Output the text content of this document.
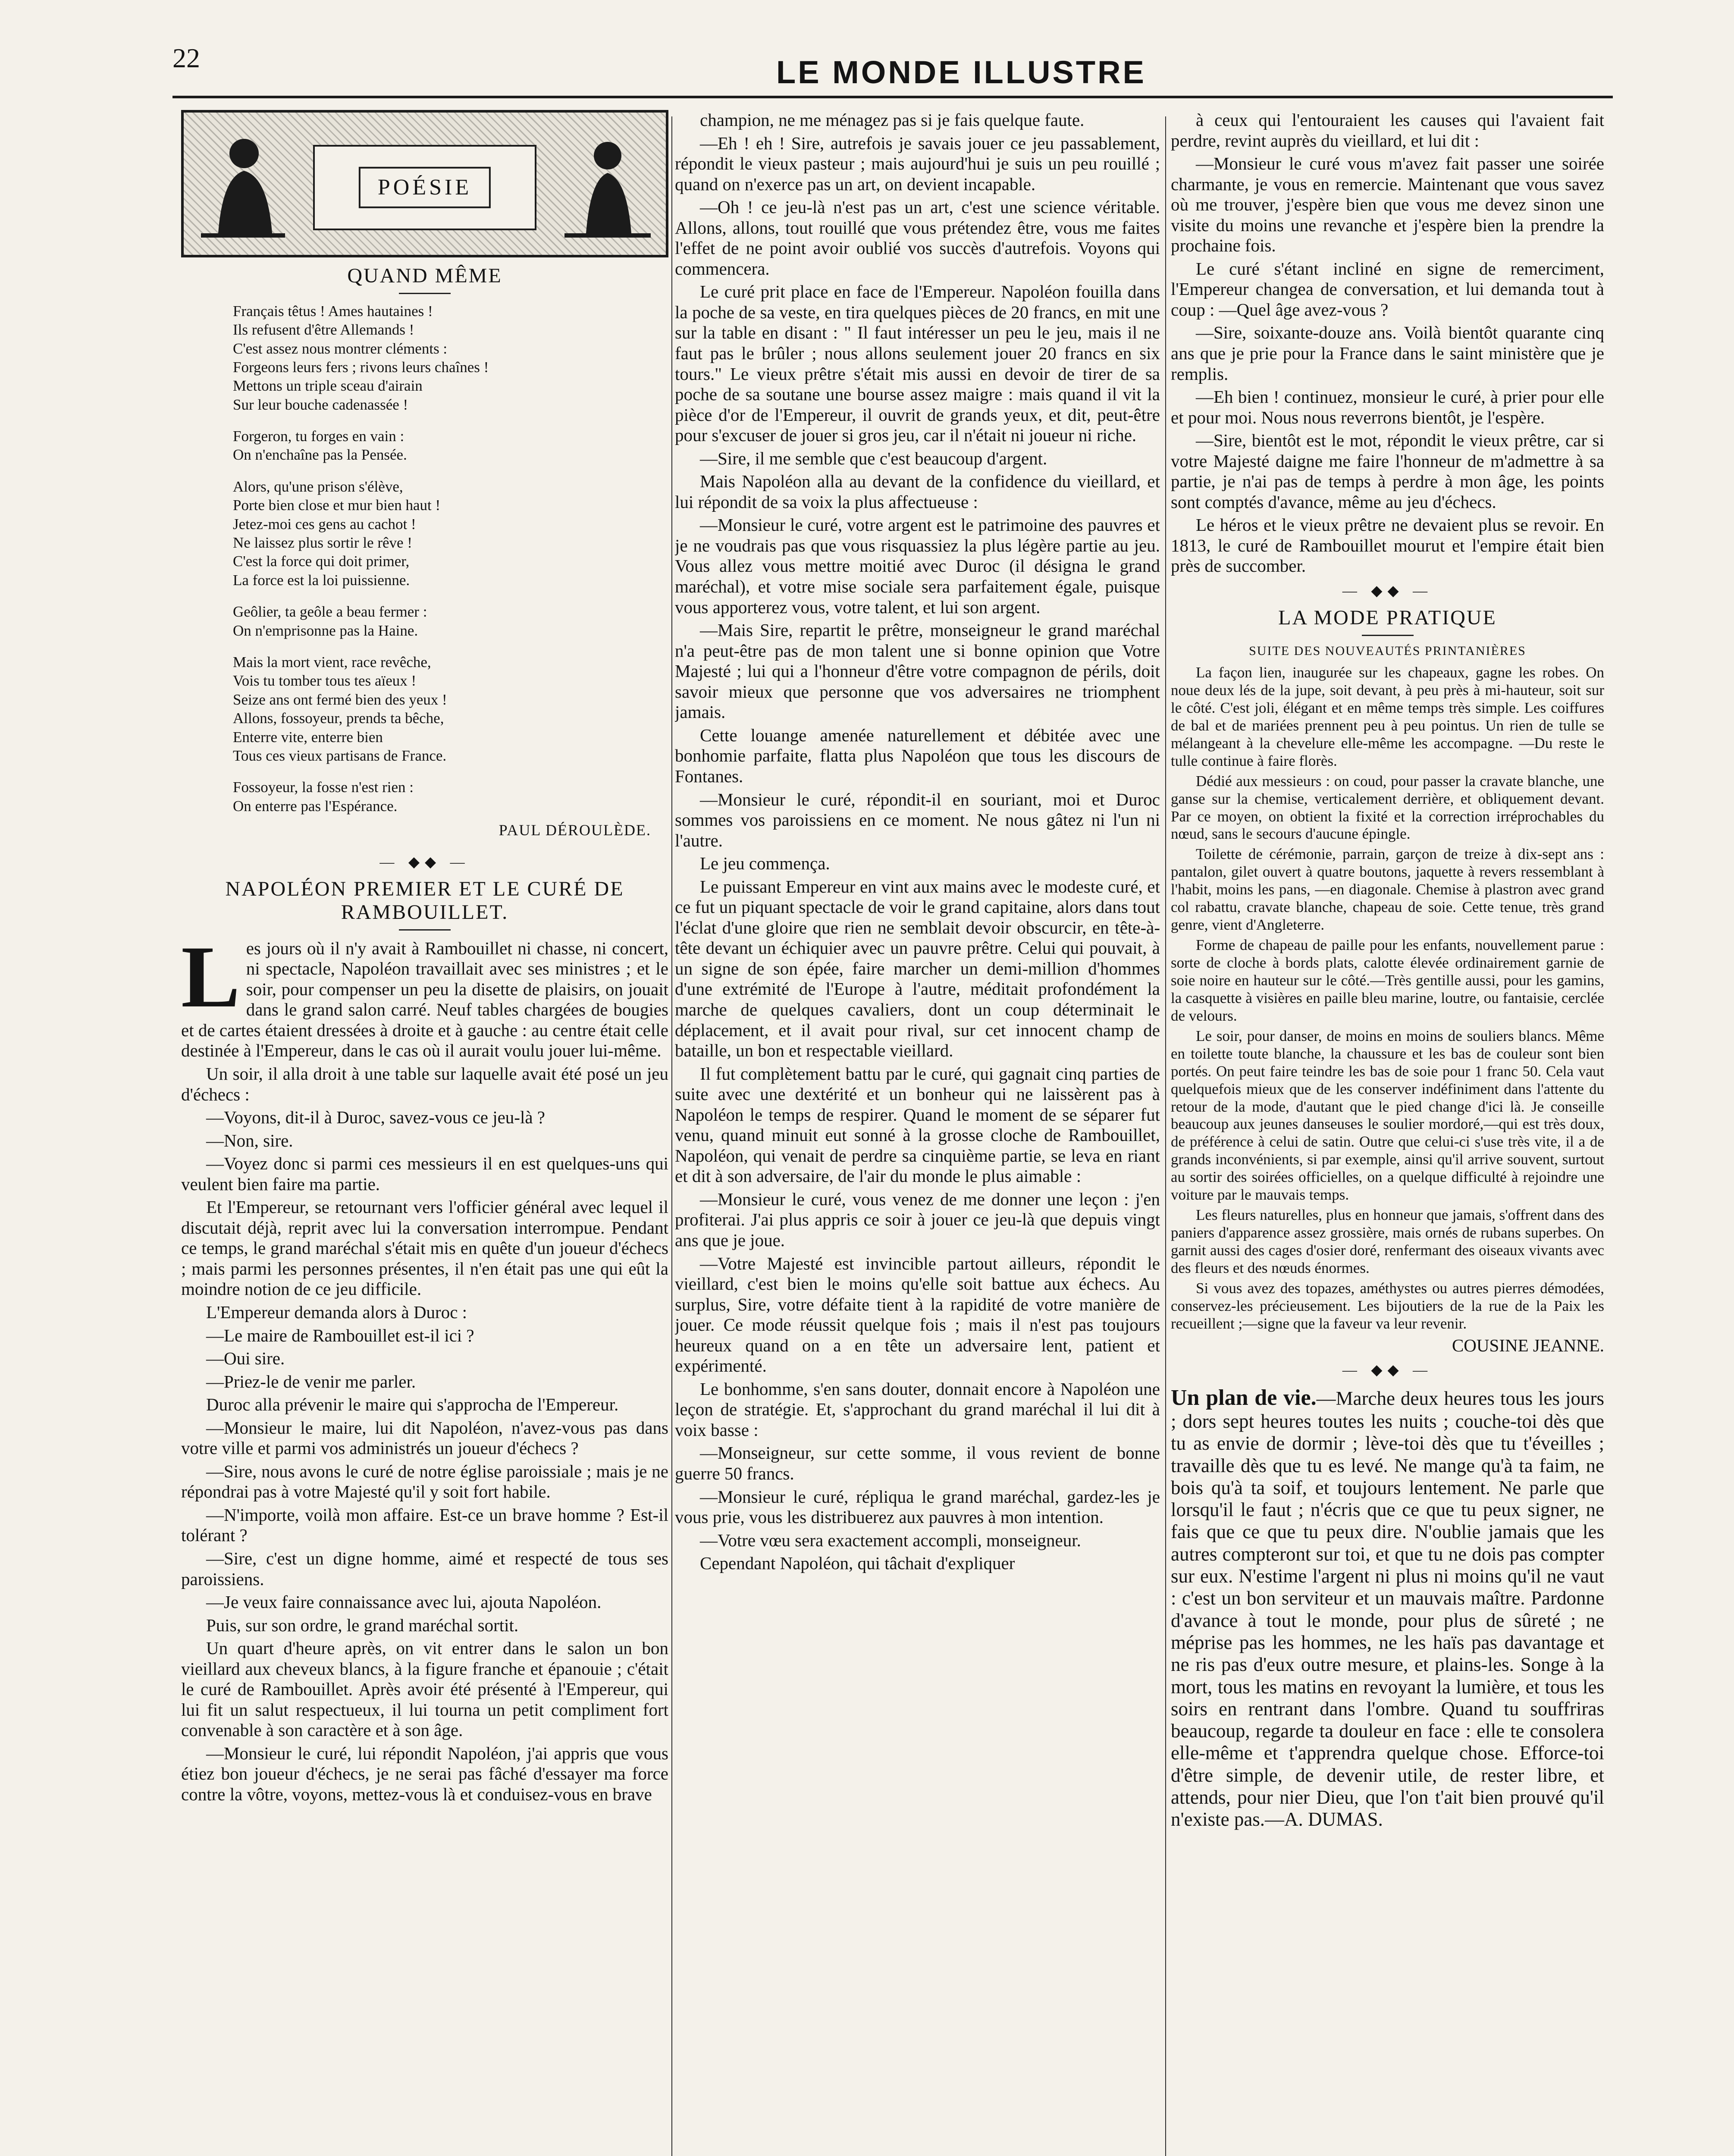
22	LE MONDE ILLUSTRE
POÉSIE
QUAND MÊME
Français têtus ! Ames hautaines !
Ils refusent d'être Allemands !
C'est assez nous montrer cléments :
Forgeons leurs fers ; rivons leurs chaînes !
Mettons un triple sceau d'airain
Sur leur bouche cadenassée !
Forgeron, tu forges en vain :
On n'enchaîne pas la Pensée.
Alors, qu'une prison s'élève,
Porte bien close et mur bien haut !
Jetez-moi ces gens au cachot !
Ne laissez plus sortir le rêve !
C'est la force qui doit primer,
La force est la loi puissienne.
Geôlier, ta geôle a beau fermer :
On n'emprisonne pas la Haine.
Mais la mort vient, race revêche,
Vois tu tomber tous tes aïeux !
Seize ans ont fermé bien des yeux !
Allons, fossoyeur, prends ta bêche,
Enterre vite, enterre bien
Tous ces vieux partisans de France.
Fossoyeur, la fosse n'est rien :
On enterre pas l'Espérance.
PAUL DÉROULÈDE.
— ◆◆ —
NAPOLÉON PREMIER ET LE CURÉ DE RAMBOUILLET.

Les jours où il n'y avait à Rambouillet ni chasse, ni concert, ni spectacle, Napoléon travaillait avec ses ministres ; et le soir, pour compenser un peu la disette de plaisirs, on jouait dans le grand salon carré. Neuf tables chargées de bougies et de cartes étaient dressées à droite et à gauche : au centre était celle destinée à l'Empereur, dans le cas où il aurait voulu jouer lui-même.

Un soir, il alla droit à une table sur laquelle avait été posé un jeu d'échecs :

—Voyons, dit-il à Duroc, savez-vous ce jeu-là ?

—Non, sire.

—Voyez donc si parmi ces messieurs il en est quelques-uns qui veulent bien faire ma partie.

Et l'Empereur, se retournant vers l'officier général avec lequel il discutait déjà, reprit avec lui la conversation interrompue. Pendant ce temps, le grand maréchal s'était mis en quête d'un joueur d'échecs ; mais parmi les personnes présentes, il n'en était pas une qui eût la moindre notion de ce jeu difficile.

L'Empereur demanda alors à Duroc :

—Le maire de Rambouillet est-il ici ?

—Oui sire.

—Priez-le de venir me parler.

Duroc alla prévenir le maire qui s'approcha de l'Empereur.

—Monsieur le maire, lui dit Napoléon, n'avez-vous pas dans votre ville et parmi vos administrés un joueur d'échecs ?

—Sire, nous avons le curé de notre église paroissiale ; mais je ne répondrai pas à votre Majesté qu'il y soit fort habile.

—N'importe, voilà mon affaire. Est-ce un brave homme ? Est-il tolérant ?

—Sire, c'est un digne homme, aimé et respecté de tous ses paroissiens.

—Je veux faire connaissance avec lui, ajouta Napoléon.

Puis, sur son ordre, le grand maréchal sortit.

Un quart d'heure après, on vit entrer dans le salon un bon vieillard aux cheveux blancs, à la figure franche et épanouie ; c'était le curé de Rambouillet. Après avoir été présenté à l'Empereur, qui lui fit un salut respectueux, il lui tourna un petit compliment fort convenable à son caractère et à son âge.

—Monsieur le curé, lui répondit Napoléon, j'ai appris que vous étiez bon joueur d'échecs, je ne serai pas fâché d'essayer ma force contre la vôtre, voyons, mettez-vous là et conduisez-vous en brave

champion, ne me ménagez pas si je fais quelque faute.

—Eh ! eh ! Sire, autrefois je savais jouer ce jeu passablement, répondit le vieux pasteur ; mais aujourd'hui je suis un peu rouillé ; quand on n'exerce pas un art, on devient incapable.

—Oh ! ce jeu-là n'est pas un art, c'est une science véritable. Allons, allons, tout rouillé que vous prétendez être, vous me faites l'effet de ne point avoir oublié vos succès d'autrefois. Voyons qui commencera.

Le curé prit place en face de l'Empereur. Napoléon fouilla dans la poche de sa veste, en tira quelques pièces de 20 francs, en mit une sur la table en disant : " Il faut intéresser un peu le jeu, mais il ne faut pas le brûler ; nous allons seulement jouer 20 francs en six tours." Le vieux prêtre s'était mis aussi en devoir de tirer de sa poche de sa soutane une bourse assez maigre : mais quand il vit la pièce d'or de l'Empereur, il ouvrit de grands yeux, et dit, peut-être pour s'excuser de jouer si gros jeu, car il n'était ni joueur ni riche.

—Sire, il me semble que c'est beaucoup d'argent.

Mais Napoléon alla au devant de la confidence du vieillard, et lui répondit de sa voix la plus affectueuse :

—Monsieur le curé, votre argent est le patrimoine des pauvres et je ne voudrais pas que vous risquassiez la plus légère partie au jeu. Vous allez vous mettre moitié avec Duroc (il désigna le grand maréchal), et votre mise sociale sera parfaitement égale, puisque vous apporterez vous, votre talent, et lui son argent.

—Mais Sire, repartit le prêtre, monseigneur le grand maréchal n'a peut-être pas de mon talent une si bonne opinion que Votre Majesté ; lui qui a l'honneur d'être votre compagnon de périls, doit savoir mieux que personne que vos adversaires ne triomphent jamais.

Cette louange amenée naturellement et débitée avec une bonhomie parfaite, flatta plus Napoléon que tous les discours de Fontanes.

—Monsieur le curé, répondit-il en souriant, moi et Duroc sommes vos paroissiens en ce moment. Ne nous gâtez ni l'un ni l'autre.

Le jeu commença.

Le puissant Empereur en vint aux mains avec le modeste curé, et ce fut un piquant spectacle de voir le grand capitaine, alors dans tout l'éclat d'une gloire que rien ne semblait devoir obscurcir, en tête-à-tête devant un échiquier avec un pauvre prêtre. Celui qui pouvait, à un signe de son épée, faire marcher un demi-million d'hommes d'une extrémité de l'Europe à l'autre, méditait profondément la marche de quelques cavaliers, dont un coup déterminait le déplacement, et il avait pour rival, sur cet innocent champ de bataille, un bon et respectable vieillard.

Il fut complètement battu par le curé, qui gagnait cinq parties de suite avec une dextérité et un bonheur qui ne laissèrent pas à Napoléon le temps de respirer. Quand le moment de se séparer fut venu, quand minuit eut sonné à la grosse cloche de Rambouillet, Napoléon, qui venait de perdre sa cinquième partie, se leva en riant et dit à son adversaire, de l'air du monde le plus aimable :

—Monsieur le curé, vous venez de me donner une leçon : j'en profiterai. J'ai plus appris ce soir à jouer ce jeu-là que depuis vingt ans que je joue.

—Votre Majesté est invincible partout ailleurs, répondit le vieillard, c'est bien le moins qu'elle soit battue aux échecs. Au surplus, Sire, votre défaite tient à la rapidité de votre manière de jouer. Ce mode réussit quelque fois ; mais il n'est pas toujours heureux quand on a en tête un adversaire lent, patient et expérimenté.

Le bonhomme, s'en sans douter, donnait encore à Napoléon une leçon de stratégie. Et, s'approchant du grand maréchal il lui dit à voix basse :

—Monseigneur, sur cette somme, il vous revient de bonne guerre 50 francs.

—Monsieur le curé, répliqua le grand maréchal, gardez-les je vous prie, vous les distribuerez aux pauvres à mon intention.

—Votre vœu sera exactement accompli, monseigneur.

Cependant Napoléon, qui tâchait d'expliquer

à ceux qui l'entouraient les causes qui l'avaient fait perdre, revint auprès du vieillard, et lui dit :

—Monsieur le curé vous m'avez fait passer une soirée charmante, je vous en remercie. Maintenant que vous savez où me trouver, j'espère bien que vous me devez sinon une visite du moins une revanche et j'espère bien la prendre la prochaine fois.

Le curé s'étant incliné en signe de remerciment, l'Empereur changea de conversation, et lui demanda tout à coup : —Quel âge avez-vous ?

—Sire, soixante-douze ans. Voilà bientôt quarante cinq ans que je prie pour la France dans le saint ministère que je remplis.

—Eh bien ! continuez, monsieur le curé, à prier pour elle et pour moi. Nous nous reverrons bientôt, je l'espère.

—Sire, bientôt est le mot, répondit le vieux prêtre, car si votre Majesté daigne me faire l'honneur de m'admettre à sa partie, je n'ai pas de temps à perdre à mon âge, les points sont comptés d'avance, même au jeu d'échecs.

Le héros et le vieux prêtre ne devaient plus se revoir. En 1813, le curé de Rambouillet mourut et l'empire était bien près de succomber.

— ◆◆ —
LA MODE PRATIQUE
SUITE DES NOUVEAUTÉS PRINTANIÈRES

La façon lien, inaugurée sur les chapeaux, gagne les robes. On noue deux lés de la jupe, soit devant, à peu près à mi-hauteur, soit sur le côté. C'est joli, élégant et en même temps très simple. Les coiffures de bal et de mariées prennent peu à peu pointus. Un rien de tulle se mélangeant à la chevelure elle-même les accompagne. —Du reste le tulle continue à faire florès.

Dédié aux messieurs : on coud, pour passer la cravate blanche, une ganse sur la chemise, verticalement derrière, et obliquement devant. Par ce moyen, on obtient la fixité et la correction irréprochables du nœud, sans le secours d'aucune épingle.

Toilette de cérémonie, parrain, garçon de treize à dix-sept ans : pantalon, gilet ouvert à quatre boutons, jaquette à revers ressemblant à l'habit, moins les pans, —en diagonale. Chemise à plastron avec grand col rabattu, cravate blanche, chapeau de soie. Cette tenue, très grand genre, vient d'Angleterre.

Forme de chapeau de paille pour les enfants, nouvellement parue : sorte de cloche à bords plats, calotte élevée ordinairement garnie de soie noire en hauteur sur le côté.—Très gentille aussi, pour les gamins, la casquette à visières en paille bleu marine, loutre, ou fantaisie, cerclée de velours.

Le soir, pour danser, de moins en moins de souliers blancs. Même en toilette toute blanche, la chaussure et les bas de couleur sont bien portés. On peut faire teindre les bas de soie pour 1 franc 50. Cela vaut quelquefois mieux que de les conserver indéfiniment dans l'attente du retour de la mode, d'autant que le pied change d'ici là. Je conseille beaucoup aux jeunes danseuses le soulier mordoré,—qui est très doux, de préférence à celui de satin. Outre que celui-ci s'use très vite, il a de grands inconvénients, si par exemple, ainsi qu'il arrive souvent, surtout au sortir des soirées officielles, on a quelque difficulté à rejoindre une voiture par le mauvais temps.

Les fleurs naturelles, plus en honneur que jamais, s'offrent dans des paniers d'apparence assez grossière, mais ornés de rubans superbes. On garnit aussi des cages d'osier doré, renfermant des oiseaux vivants avec des fleurs et des nœuds énormes.

Si vous avez des topazes, améthystes ou autres pierres démodées, conservez-les précieusement. Les bijoutiers de la rue de la Paix les recueillent ;—signe que la faveur va leur revenir.

COUSINE JEANNE.
— ◆◆ —

Un plan de vie.—Marche deux heures tous les jours ; dors sept heures toutes les nuits ; couche-toi dès que tu as envie de dormir ; lève-toi dès que tu t'éveilles ; travaille dès que tu es levé. Ne mange qu'à ta faim, ne bois qu'à ta soif, et toujours lentement. Ne parle que lorsqu'il le faut ; n'écris que ce que tu peux signer, ne fais que ce que tu peux dire. N'oublie jamais que les autres compteront sur toi, et que tu ne dois pas compter sur eux. N'estime l'argent ni plus ni moins qu'il ne vaut : c'est un bon serviteur et un mauvais maître. Pardonne d'avance à tout le monde, pour plus de sûreté ; ne méprise pas les hommes, ne les haïs pas davantage et ne ris pas d'eux outre mesure, et plains-les. Songe à la mort, tous les matins en revoyant la lumière, et tous les soirs en rentrant dans l'ombre. Quand tu souffriras beaucoup, regarde ta douleur en face : elle te consolera elle-même et t'apprendra quelque chose. Efforce-toi d'être simple, de devenir utile, de rester libre, et attends, pour nier Dieu, que l'on t'ait bien prouvé qu'il n'existe pas.—A. DUMAS.
